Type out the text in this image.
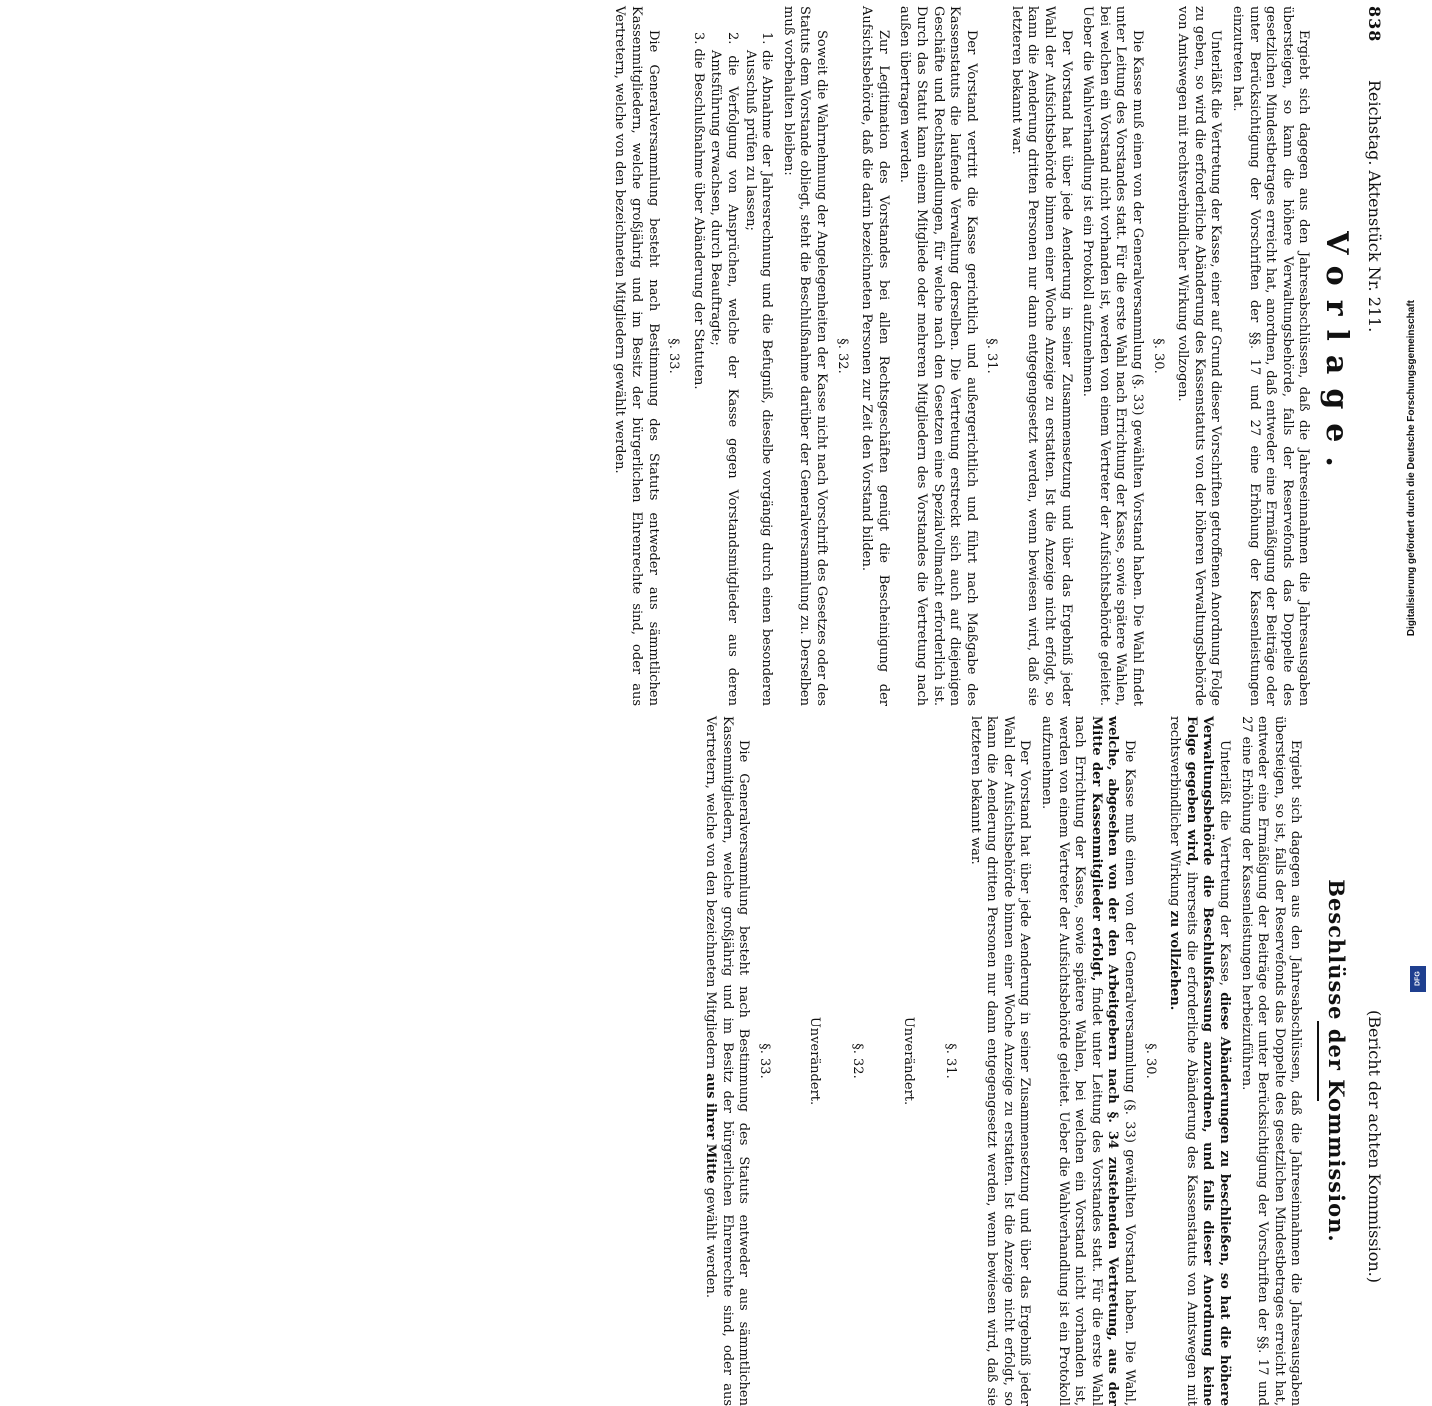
838
Reichstag. Aktenstück Nr. 211.
(Bericht der achten Kommission.)
Vorlage.

Ergiebt sich dagegen aus den Jahresabschlüssen, daß die Jahreseinnahmen die Jahresausgaben übersteigen, so kann die höhere Verwaltungsbehörde, falls der Reservefonds das Doppelte des gesetzlichen Mindestbetrages erreicht hat, anordnen, daß entweder eine Ermäßigung der Beiträge oder unter Berücksichtigung der Vorschriften der §§. 17 und 27 eine Erhöhung der Kassenleistungen einzutreten hat.

Unterläßt die Vertretung der Kasse, einer auf Grund dieser Vorschriften getroffenen Anordnung Folge zu geben, so wird die erforderliche Abänderung des Kassenstatuts von der höheren Verwaltungsbehörde von Amtswegen mit rechtsverbindlicher Wirkung vollzogen.

§. 30.

Die Kasse muß einen von der Generalversammlung (§. 33) gewählten Vorstand haben. Die Wahl findet unter Leitung des Vorstandes statt. Für die erste Wahl nach Errichtung der Kasse, sowie spätere Wahlen, bei welchen ein Vorstand nicht vorhanden ist, werden von einem Vertreter der Aufsichtsbehörde geleitet. Ueber die Wahlverhandlung ist ein Protokoll aufzunehmen.

Der Vorstand hat über jede Aenderung in seiner Zusammensetzung und über das Ergebniß jeder Wahl der Aufsichtsbehörde binnen einer Woche Anzeige zu erstatten. Ist die Anzeige nicht erfolgt, so kann die Aenderung dritten Personen nur dann entgegengesetzt werden, wenn bewiesen wird, daß sie letzteren bekannt war.

§. 31.

Der Vorstand vertritt die Kasse gerichtlich und außergerichtlich und führt nach Maßgabe des Kassenstatuts die laufende Verwaltung derselben. Die Vertretung erstreckt sich auch auf diejenigen Geschäfte und Rechtshandlungen, für welche nach den Gesetzen eine Spezialvollmacht erforderlich ist. Durch das Statut kann einem Mitgliede oder mehreren Mitgliedern des Vorstandes die Vertretung nach außen übertragen werden.

Zur Legitimation des Vorstandes bei allen Rechtsgeschäften genügt die Bescheinigung der Aufsichtsbehörde, daß die darin bezeichneten Personen zur Zeit den Vorstand bilden.

§. 32.

Soweit die Wahrnehmung der Angelegenheiten der Kasse nicht nach Vorschrift des Gesetzes oder des Statuts dem Vorstande obliegt, steht die Beschlußnahme darüber der Generalversammlung zu. Derselben muß vorbehalten bleiben:

1. die Abnahme der Jahresrechnung und die Befugniß, dieselbe vorgängig durch einen besonderen Ausschuß prüfen zu lassen;

2. die Verfolgung von Ansprüchen, welche der Kasse gegen Vorstandsmitglieder aus deren Amtsführung erwachsen, durch Beauftragte;

3. die Beschlußnahme über Abänderung der Statuten.

§. 33.

Die Generalversammlung besteht nach Bestimmung des Statuts entweder aus sämmtlichen Kassenmitgliedern, welche großjährig und im Besitz der bürgerlichen Ehrenrechte sind, oder aus Vertretern, welche von den bezeichneten Mitgliedern gewählt werden.

Beschlüsse der Kommission.

Ergiebt sich dagegen aus den Jahresabschlüssen, daß die Jahreseinnahmen die Jahresausgaben übersteigen, so ist, falls der Reservefonds das Doppelte des gesetzlichen Mindestbetrages erreicht hat, entweder eine Ermäßigung der Beiträge oder unter Berücksichtigung der Vorschriften der §§. 17 und 27 eine Erhöhung der Kassenleistungen herbeizuführen.

Unterläßt die Vertretung der Kasse, diese Abänderungen zu beschließen, so hat die höhere Verwaltungsbehörde die Beschlußfassung anzuordnen, und falls dieser Anordnung keine Folge gegeben wird, ihrerseits die erforderliche Abänderung des Kassenstatuts von Amtswegen mit rechtsverbindlicher Wirkung zu vollziehen.

§. 30.

Die Kasse muß einen von der Generalversammlung (§. 33) gewählten Vorstand haben. Die Wahl, welche, abgesehen von der den Arbeitgebern nach §. 34 zustehenden Vertretung, aus der Mitte der Kassenmitglieder erfolgt, findet unter Leitung des Vorstandes statt. Für die erste Wahl nach Errichtung der Kasse, sowie spätere Wahlen, bei welchen ein Vorstand nicht vorhanden ist, werden von einem Vertreter der Aufsichtsbehörde geleitet. Ueber die Wahlverhandlung ist ein Protokoll aufzunehmen.

Der Vorstand hat über jede Aenderung in seiner Zusammensetzung und über das Ergebniß jeder Wahl der Aufsichtsbehörde binnen einer Woche Anzeige zu erstatten. Ist die Anzeige nicht erfolgt, so kann die Aenderung dritten Personen nur dann entgegengesetzt werden, wenn bewiesen wird, daß sie letzteren bekannt war.

§. 31.
Unverändert.
§. 32.
Unverändert.
§. 33.

Die Generalversammlung besteht nach Bestimmung des Statuts entweder aus sämmtlichen Kassenmitgliedern, welche großjährig und im Besitz der bürgerlichen Ehrenrechte sind, oder aus Vertretern, welche von den bezeichneten Mitgliedern aus ihrer Mitte gewählt werden.

Digitalisierung gefördert durch die Deutsche Forschungsgemeinschaft
DFG
